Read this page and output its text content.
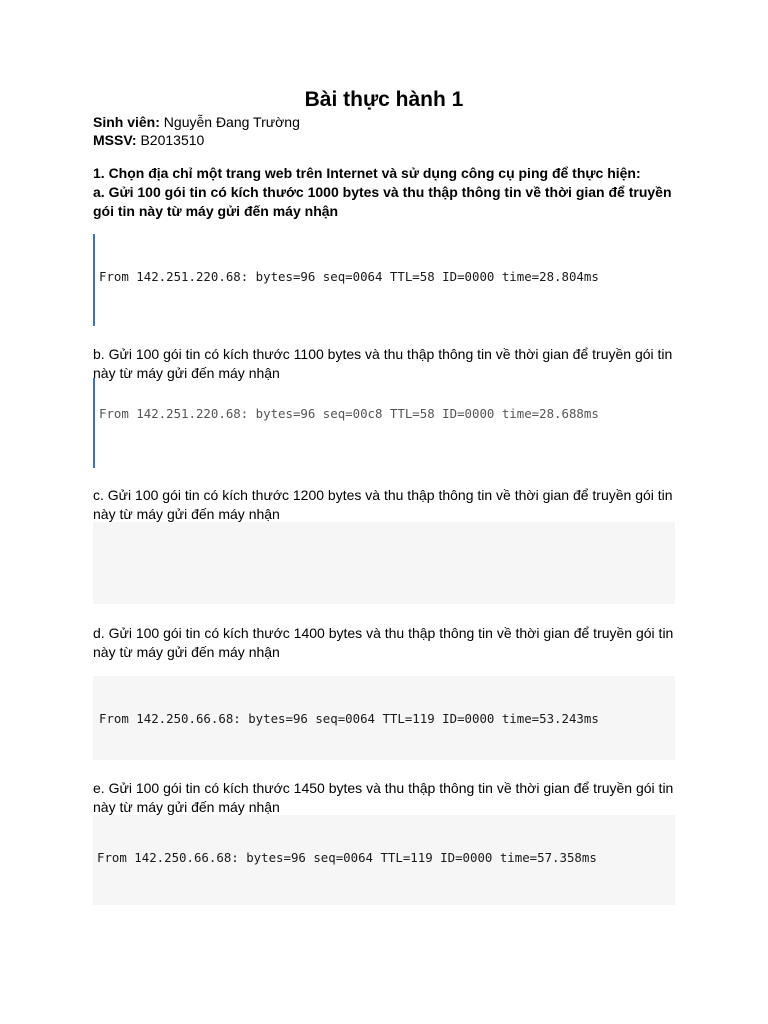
Bài thực hành 1
Sinh viên: Nguyễn Đang Trường
MSSV: B2013510
1. Chọn địa chỉ một trang web trên Internet và sử dụng công cụ ping để thực hiện:
a. Gửi 100 gói tin có kích thước 1000 bytes và thu thập thông tin về thời gian để truyền gói tin này từ máy gửi đến máy nhận

From 142.251.220.68: bytes=96 seq=0064 TTL=58 ID=0000 time=28.804ms

b. Gửi 100 gói tin có kích thước 1100 bytes và thu thập thông tin về thời gian để truyền gói tin này từ máy gửi đến máy nhận

From 142.251.220.68: bytes=96 seq=00c8 TTL=58 ID=0000 time=28.688ms

c. Gửi 100 gói tin có kích thước 1200 bytes và thu thập thông tin về thời gian để truyền gói tin này từ máy gửi đến máy nhận

d. Gửi 100 gói tin có kích thước 1400 bytes và thu thập thông tin về thời gian để truyền gói tin này từ máy gửi đến máy nhận

From 142.250.66.68: bytes=96 seq=0064 TTL=119 ID=0000 time=53.243ms

e. Gửi 100 gói tin có kích thước 1450 bytes và thu thập thông tin về thời gian để truyền gói tin này từ máy gửi đến máy nhận

From 142.250.66.68: bytes=96 seq=0064 TTL=119 ID=0000 time=57.358ms
